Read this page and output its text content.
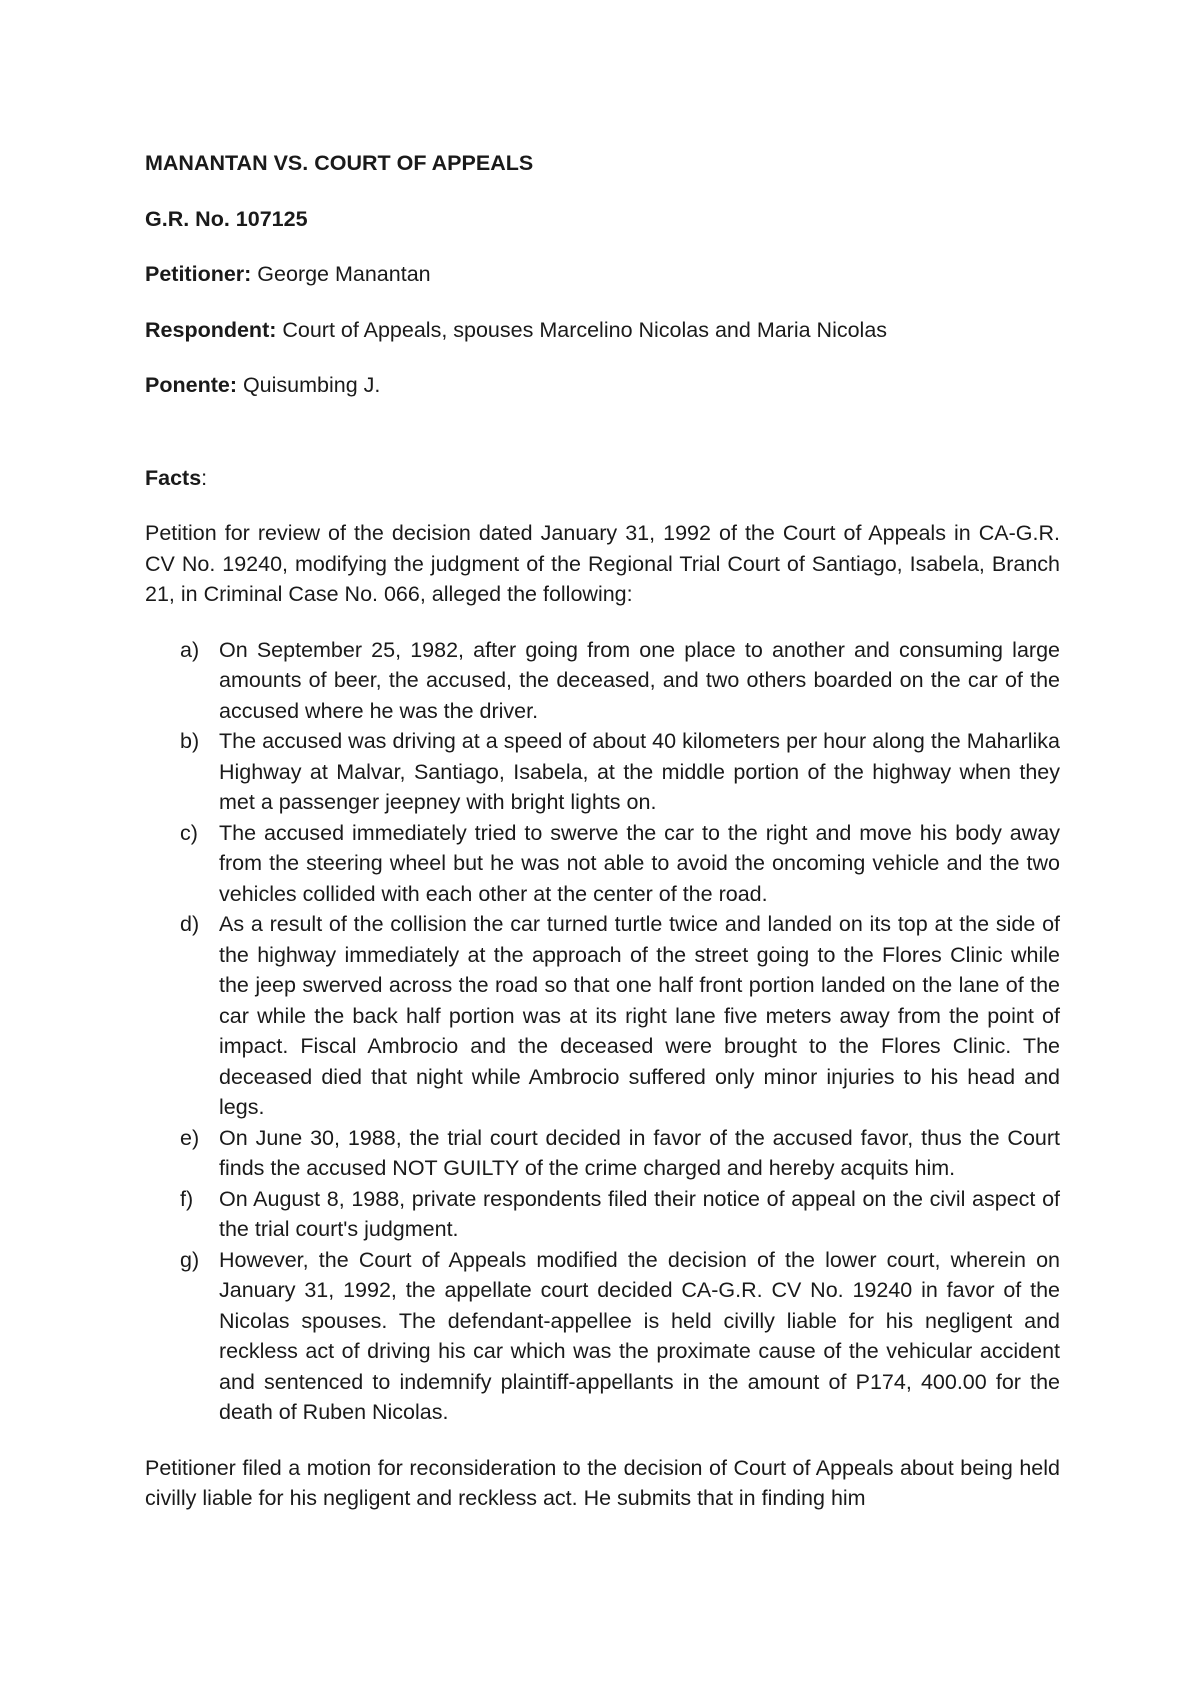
MANANTAN VS. COURT OF APPEALS

G.R. No. 107125

Petitioner: George Manantan

Respondent: Court of Appeals, spouses Marcelino Nicolas and Maria Nicolas

Ponente: Quisumbing J.

Facts:

Petition for review of the decision dated January 31, 1992 of the Court of Appeals in CA-G.R. CV No. 19240, modifying the judgment of the Regional Trial Court of Santiago, Isabela, Branch 21, in Criminal Case No. 066, alleged the following:

a) On September 25, 1982, after going from one place to another and consuming large amounts of beer, the accused, the deceased, and two others boarded on the car of the accused where he was the driver.
b) The accused was driving at a speed of about 40 kilometers per hour along the Maharlika Highway at Malvar, Santiago, Isabela, at the middle portion of the highway when they met a passenger jeepney with bright lights on.
c) The accused immediately tried to swerve the car to the right and move his body away from the steering wheel but he was not able to avoid the oncoming vehicle and the two vehicles collided with each other at the center of the road.
d) As a result of the collision the car turned turtle twice and landed on its top at the side of the highway immediately at the approach of the street going to the Flores Clinic while the jeep swerved across the road so that one half front portion landed on the lane of the car while the back half portion was at its right lane five meters away from the point of impact. Fiscal Ambrocio and the deceased were brought to the Flores Clinic. The deceased died that night while Ambrocio suffered only minor injuries to his head and legs.
e) On June 30, 1988, the trial court decided in favor of the accused favor, thus the Court finds the accused NOT GUILTY of the crime charged and hereby acquits him.
f) On August 8, 1988, private respondents filed their notice of appeal on the civil aspect of the trial court's judgment.
g) However, the Court of Appeals modified the decision of the lower court, wherein on January 31, 1992, the appellate court decided CA-G.R. CV No. 19240 in favor of the Nicolas spouses. The defendant-appellee is held civilly liable for his negligent and reckless act of driving his car which was the proximate cause of the vehicular accident and sentenced to indemnify plaintiff-appellants in the amount of P174, 400.00 for the death of Ruben Nicolas.

Petitioner filed a motion for reconsideration to the decision of Court of Appeals about being held civilly liable for his negligent and reckless act. He submits that in finding him
